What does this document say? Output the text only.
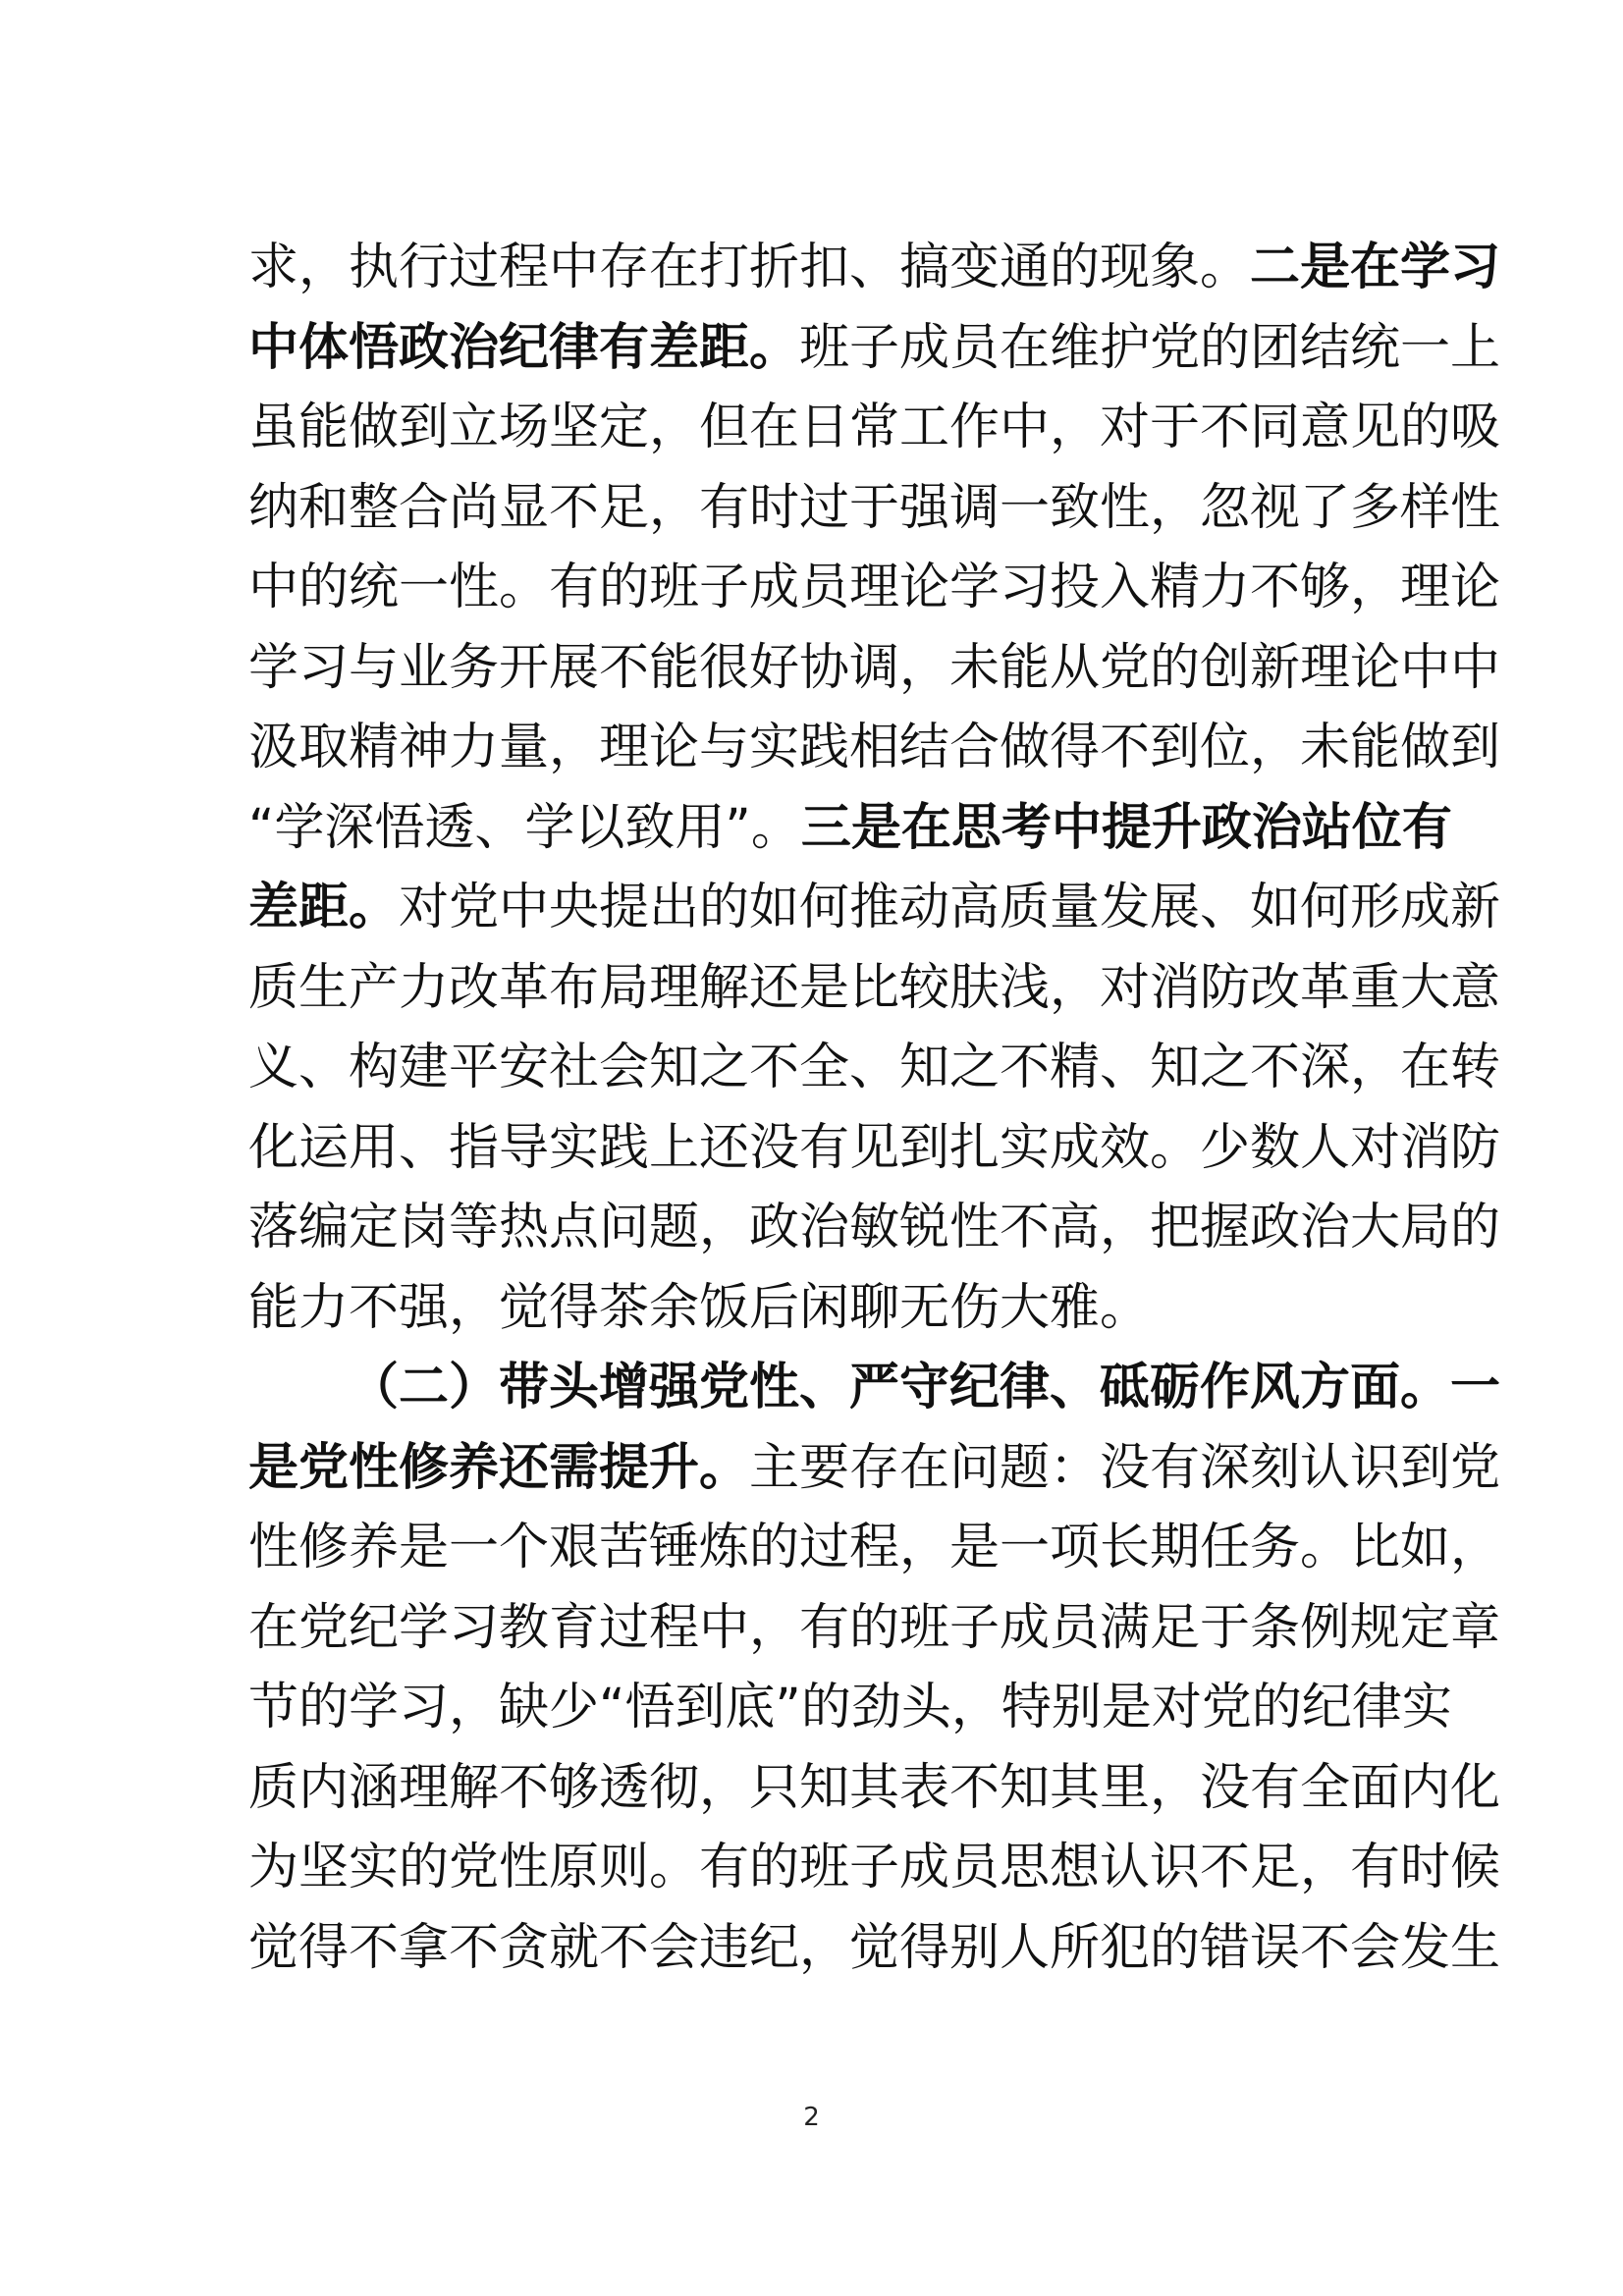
求，执行过程中存在打折扣、搞变通的现象。二是在学习
中体悟政治纪律有差距。班子成员在维护党的团结统一上
虽能做到立场坚定，但在日常工作中，对于不同意见的吸
纳和整合尚显不足，有时过于强调一致性，忽视了多样性
中的统一性。有的班子成员理论学习投入精力不够，理论
学习与业务开展不能很好协调，未能从党的创新理论中中
汲取精神力量，理论与实践相结合做得不到位，未能做到
“学深悟透、学以致用”。三是在思考中提升政治站位有
差距。对党中央提出的如何推动高质量发展、如何形成新
质生产力改革布局理解还是比较肤浅，对消防改革重大意
义、构建平安社会知之不全、知之不精、知之不深，在转
化运用、指导实践上还没有见到扎实成效。少数人对消防
落编定岗等热点问题，政治敏锐性不高，把握政治大局的
能力不强，觉得茶余饭后闲聊无伤大雅。
（二）带头增强党性、严守纪律、砥砺作风方面。一
是党性修养还需提升。主要存在问题：没有深刻认识到党
性修养是一个艰苦锤炼的过程，是一项长期任务。比如，
在党纪学习教育过程中，有的班子成员满足于条例规定章
节的学习，缺少“悟到底”的劲头，特别是对党的纪律实
质内涵理解不够透彻，只知其表不知其里，没有全面内化
为坚实的党性原则。有的班子成员思想认识不足，有时候
觉得不拿不贪就不会违纪，觉得别人所犯的错误不会发生
2
